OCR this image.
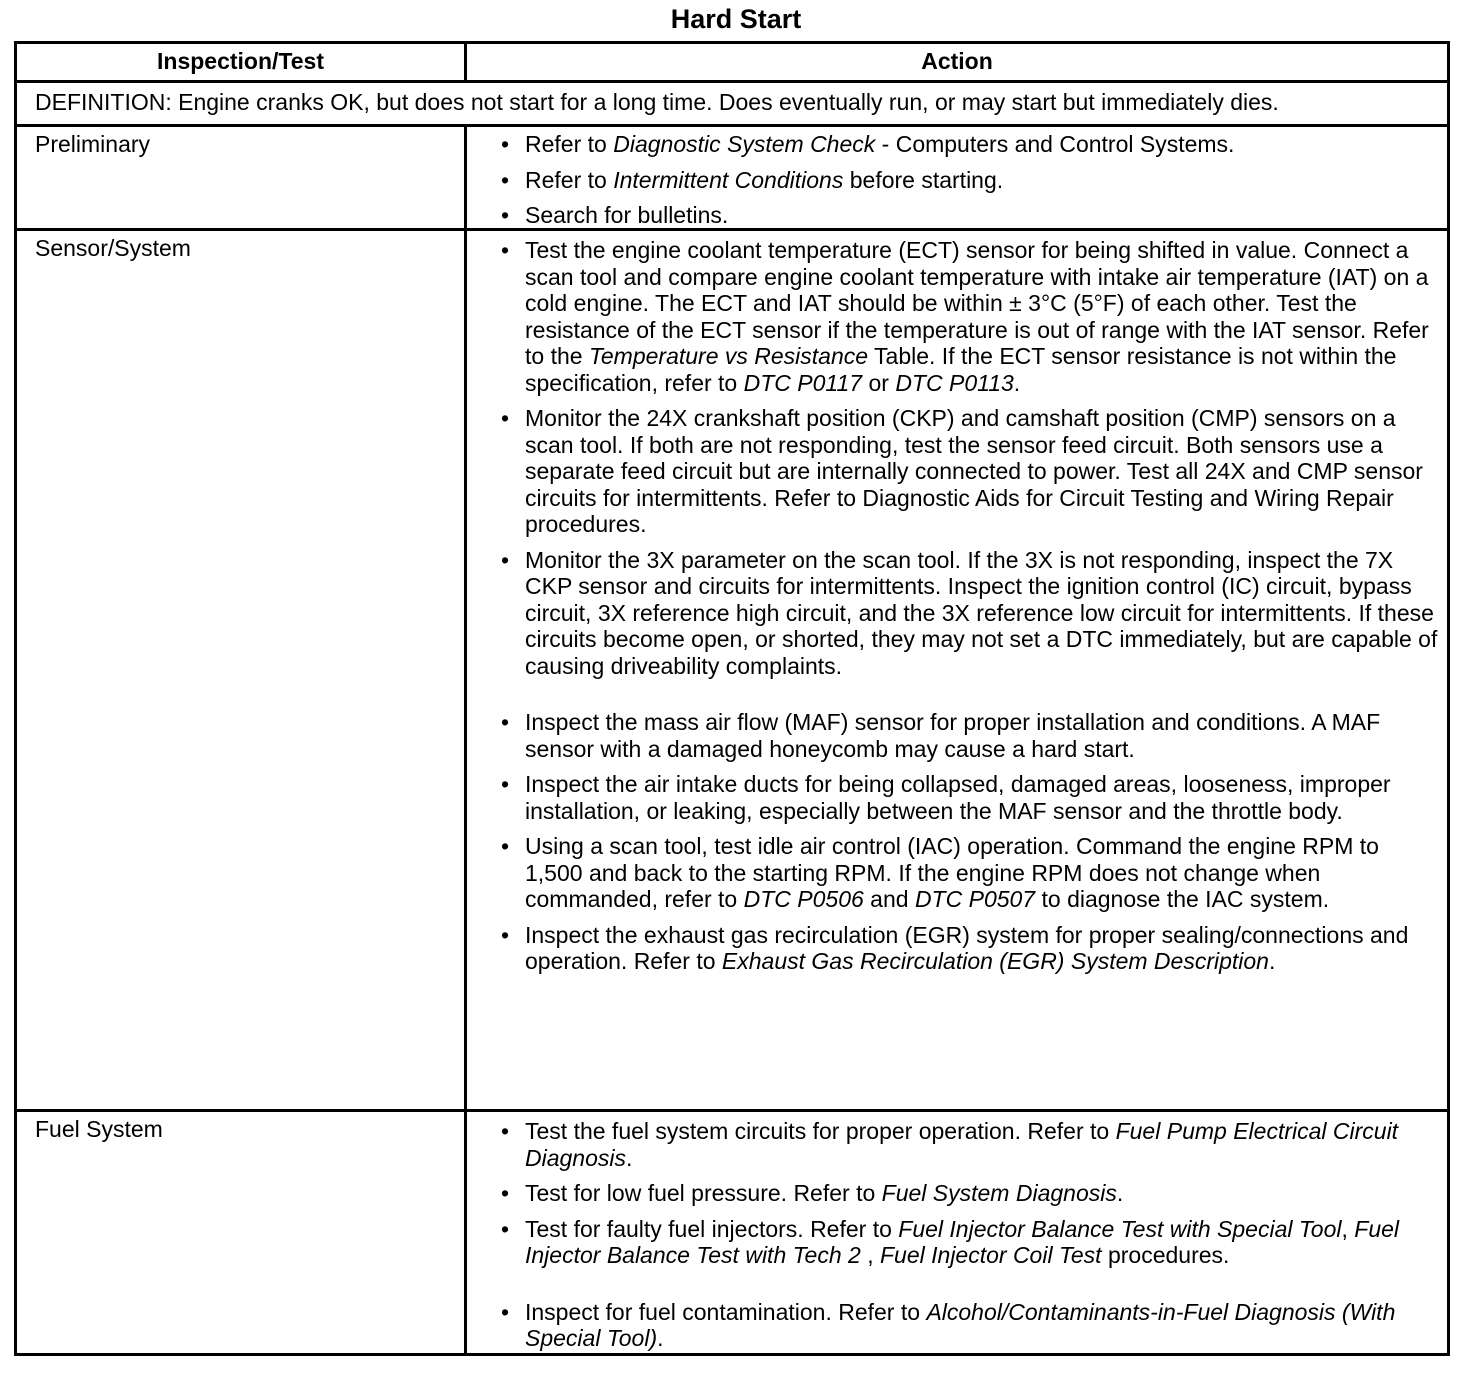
Hard Start
Inspection/Test	Action
DEFINITION: Engine cranks OK, but does not start for a long time. Does eventually run, or may start but immediately dies.
Preliminary	• Refer to Diagnostic System Check - Computers and Control Systems.
• Refer to Intermittent Conditions before starting.
• Search for bulletins.
Sensor/System	• Test the engine coolant temperature (ECT) sensor for being shifted in value. Connect a scan tool and compare engine coolant temperature with intake air temperature (IAT) on a cold engine. The ECT and IAT should be within ± 3°C (5°F) of each other. Test the resistance of the ECT sensor if the temperature is out of range with the IAT sensor. Refer to the Temperature vs Resistance Table. If the ECT sensor resistance is not within the specification, refer to DTC P0117 or DTC P0113.
• Monitor the 24X crankshaft position (CKP) and camshaft position (CMP) sensors on a scan tool. If both are not responding, test the sensor feed circuit. Both sensors use a separate feed circuit but are internally connected to power. Test all 24X and CMP sensor circuits for intermittents. Refer to Diagnostic Aids for Circuit Testing and Wiring Repair procedures.
• Monitor the 3X parameter on the scan tool. If the 3X is not responding, inspect the 7X CKP sensor and circuits for intermittents. Inspect the ignition control (IC) circuit, bypass circuit, 3X reference high circuit, and the 3X reference low circuit for intermittents. If these circuits become open, or shorted, they may not set a DTC immediately, but are capable of causing driveability complaints.
• Inspect the mass air flow (MAF) sensor for proper installation and conditions. A MAF sensor with a damaged honeycomb may cause a hard start.
• Inspect the air intake ducts for being collapsed, damaged areas, looseness, improper installation, or leaking, especially between the MAF sensor and the throttle body.
• Using a scan tool, test idle air control (IAC) operation. Command the engine RPM to 1,500 and back to the starting RPM. If the engine RPM does not change when commanded, refer to DTC P0506 and DTC P0507 to diagnose the IAC system.
• Inspect the exhaust gas recirculation (EGR) system for proper sealing/connections and operation. Refer to Exhaust Gas Recirculation (EGR) System Description.
Fuel System	• Test the fuel system circuits for proper operation. Refer to Fuel Pump Electrical Circuit Diagnosis.
• Test for low fuel pressure. Refer to Fuel System Diagnosis.
• Test for faulty fuel injectors. Refer to Fuel Injector Balance Test with Special Tool, Fuel Injector Balance Test with Tech 2 , Fuel Injector Coil Test procedures.
• Inspect for fuel contamination. Refer to Alcohol/Contaminants-in-Fuel Diagnosis (With Special Tool).
